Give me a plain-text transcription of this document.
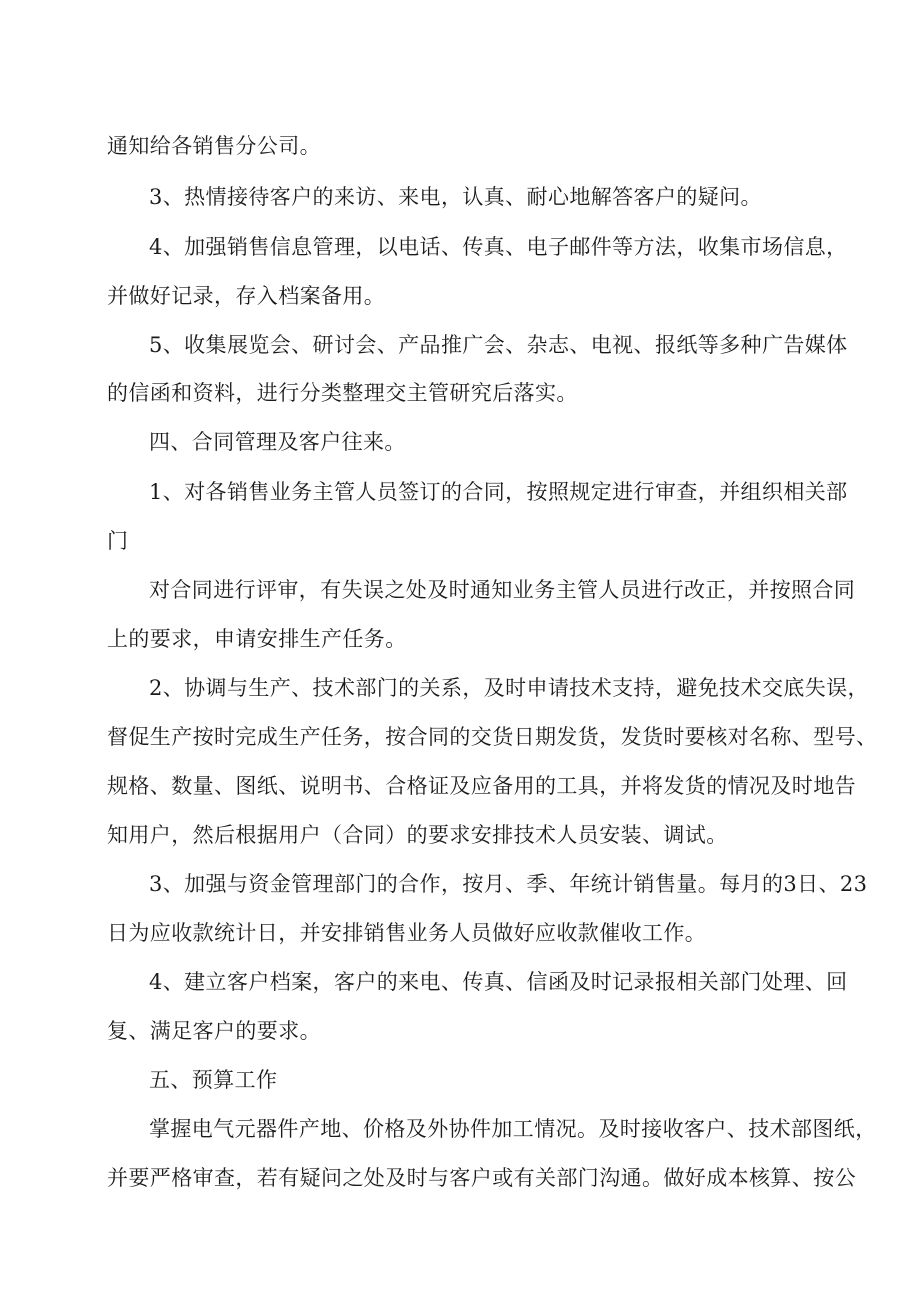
通知给各销售分公司。
3、热情接待客户的来访、来电，认真、耐心地解答客户的疑问。
4、加强销售信息管理，以电话、传真、电子邮件等方法，收集市场信息，
并做好记录，存入档案备用。
5、收集展览会、研讨会、产品推广会、杂志、电视、报纸等多种广告媒体
的信函和资料，进行分类整理交主管研究后落实。
四、合同管理及客户往来。
1、对各销售业务主管人员签订的合同，按照规定进行审查，并组织相关部
门
对合同进行评审，有失误之处及时通知业务主管人员进行改正，并按照合同
上的要求，申请安排生产任务。
2、协调与生产、技术部门的关系，及时申请技术支持，避免技术交底失误，
督促生产按时完成生产任务，按合同的交货日期发货，发货时要核对名称、型号、
规格、数量、图纸、说明书、合格证及应备用的工具，并将发货的情况及时地告
知用户，然后根据用户（合同）的要求安排技术人员安装、调试。
3、加强与资金管理部门的合作，按月、季、年统计销售量。每月的3日、23
日为应收款统计日，并安排销售业务人员做好应收款催收工作。
4、建立客户档案，客户的来电、传真、信函及时记录报相关部门处理、回
复、满足客户的要求。
五、预算工作
掌握电气元器件产地、价格及外协件加工情况。及时接收客户、技术部图纸，
并要严格审查，若有疑问之处及时与客户或有关部门沟通。做好成本核算、按公
